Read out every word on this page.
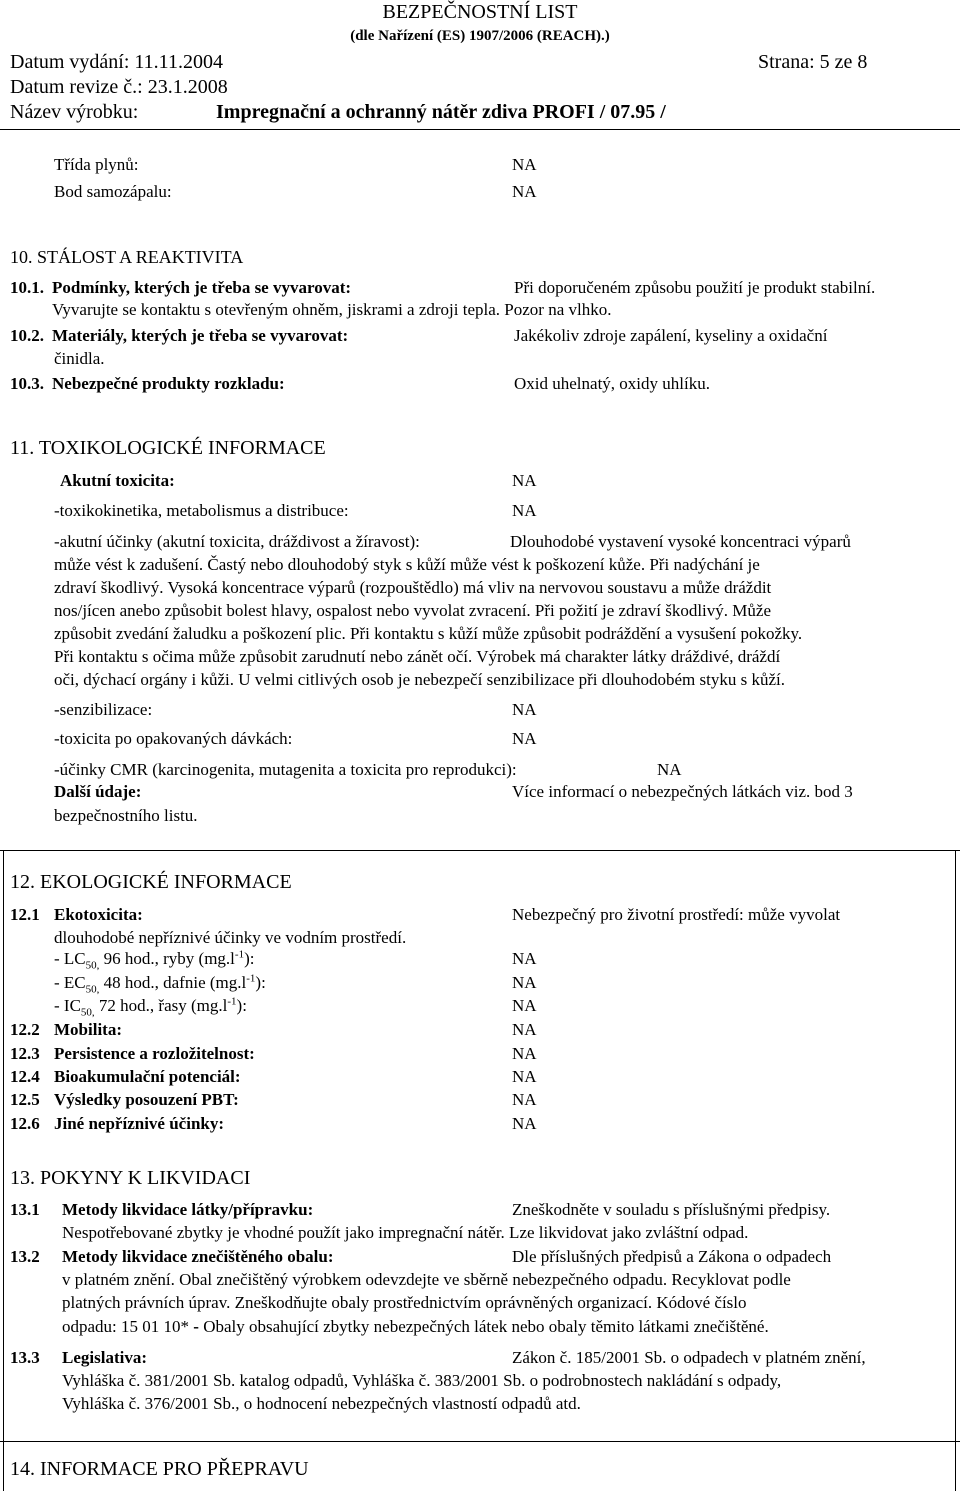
BEZPEČNOSTNÍ LIST
(dle Nařízení (ES) 1907/2006 (REACH).)
Datum vydání: 11.11.2004	Strana: 5 ze 8
Datum revize č.: 23.1.2008
Název výrobku:	Impregnační a ochranný nátěr zdiva PROFI / 07.95 /
Třída plynů:	NA
Bod samozápalu:	NA
10. STÁLOST A REAKTIVITA
10.1. Podmínky, kterých je třeba se vyvarovat:	Při doporučeném způsobu použití je produkt stabilní.
Vyvarujte se kontaktu s otevřeným ohněm, jiskrami a zdroji tepla. Pozor na vlhko.
10.2. Materiály, kterých je třeba se vyvarovat:	Jakékoliv zdroje zapálení, kyseliny a oxidační
činidla.
10.3. Nebezpečné produkty rozkladu:	Oxid uhelnatý, oxidy uhlíku.
11. TOXIKOLOGICKÉ INFORMACE
Akutní toxicita:	NA
-toxikokinetika, metabolismus a distribuce:	NA
-akutní účinky (akutní toxicita, dráždivost a žíravost):	Dlouhodobé vystavení vysoké koncentraci výparů
může vést k zadušení. Častý nebo dlouhodobý styk s kůží může vést k poškození kůže. Při nadýchání je
zdraví škodlivý. Vysoká koncentrace výparů (rozpouštědlo) má vliv na nervovou soustavu a může dráždit
nos/jícen anebo způsobit bolest hlavy, ospalost nebo vyvolat zvracení. Při požití je zdraví škodlivý. Může
způsobit zvedání žaludku a poškození plic. Při kontaktu s kůží může způsobit podráždění a vysušení pokožky.
Při kontaktu s očima může způsobit zarudnutí nebo zánět očí. Výrobek má charakter látky dráždivé, dráždí
oči, dýchací orgány i kůži. U velmi citlivých osob je nebezpečí senzibilizace při dlouhodobém styku s kůží.
-senzibilizace:	NA
-toxicita po opakovaných dávkách:	NA
-účinky CMR (karcinogenita, mutagenita a toxicita pro reprodukci):	NA
Další údaje:	Více informací o nebezpečných látkách viz. bod 3
bezpečnostního listu.
12. EKOLOGICKÉ INFORMACE
12.1 Ekotoxicita:	Nebezpečný pro životní prostředí: může vyvolat
dlouhodobé nepříznivé účinky ve vodním prostředí.
- $LC_{50,}$ 96 hod., ryby $(mg.l^{-1})$:	NA
- $EC_{50,}$ 48 hod., dafnie $(mg.l^{-1})$:	NA
- $IC_{50,}$ 72 hod., řasy $(mg.l^{-1})$:	NA
12.2 Mobilita:	NA
12.3 Persistence a rozložitelnost:	NA
12.4 Bioakumulační potenciál:	NA
12.5 Výsledky posouzení PBT:	NA
12.6 Jiné nepříznivé účinky:	NA
13. POKYNY K LIKVIDACI
13.1 Metody likvidace látky/přípravku:	Zneškodněte v souladu s příslušnými předpisy.
Nespotřebované zbytky je vhodné použít jako impregnační nátěr. Lze likvidovat jako zvláštní odpad.
13.2 Metody likvidace znečištěného obalu:	Dle příslušných předpisů a Zákona o odpadech
v platném znění. Obal znečištěný výrobkem odevzdejte ve sběrně nebezpečného odpadu. Recyklovat podle
platných právních úprav. Zneškodňujte obaly prostřednictvím oprávněných organizací. Kódové číslo
odpadu: 15 01 10* - Obaly obsahující zbytky nebezpečných látek nebo obaly těmito látkami znečištěné.
13.3 Legislativa:	Zákon č. 185/2001 Sb. o odpadech v platném znění,
Vyhláška č. 381/2001 Sb. katalog odpadů, Vyhláška č. 383/2001 Sb. o podrobnostech nakládání s odpady,
Vyhláška č. 376/2001 Sb., o hodnocení nebezpečných vlastností odpadů atd.
14. INFORMACE PRO PŘEPRAVU
